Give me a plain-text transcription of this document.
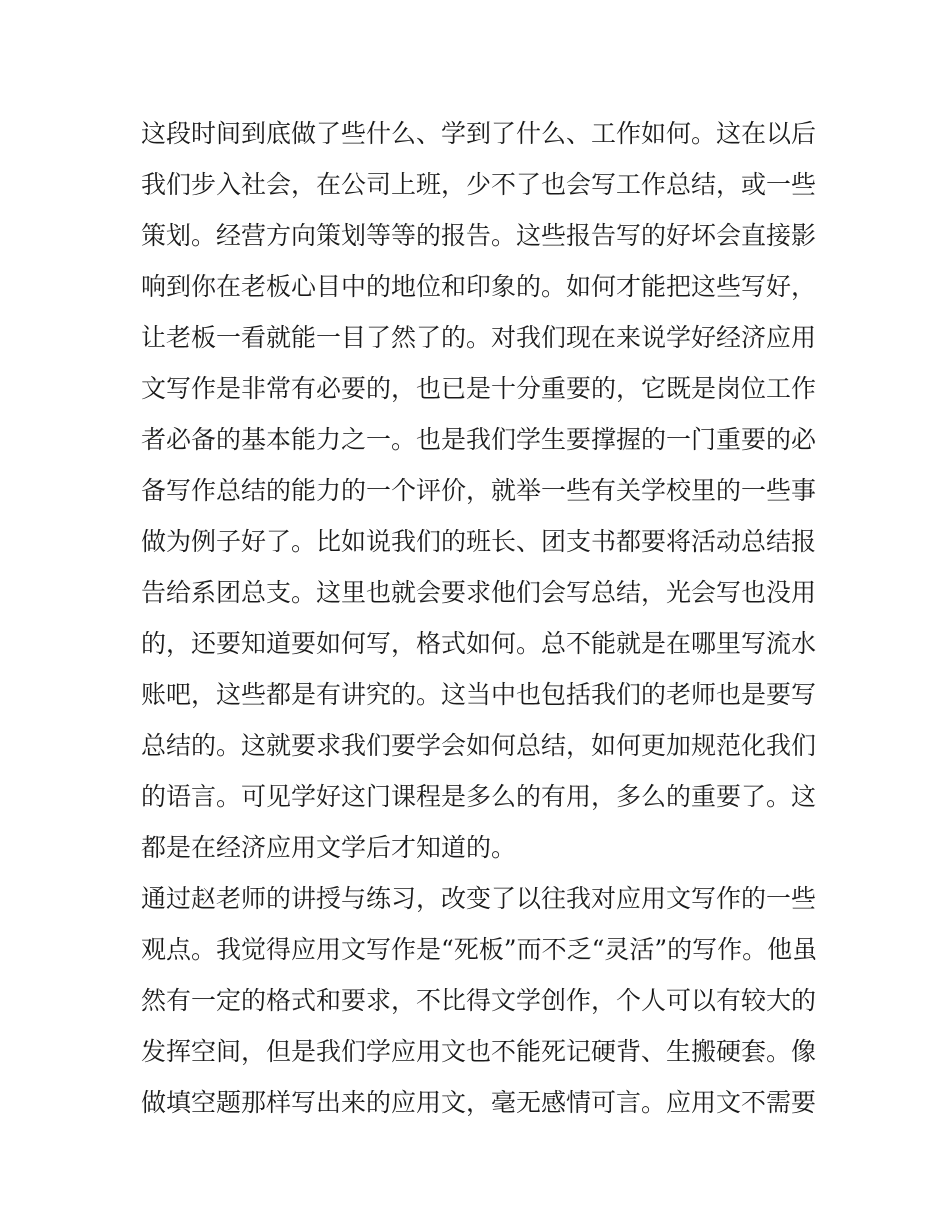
这段时间到底做了些什么、学到了什么、工作如何。这在以后
我们步入社会，在公司上班，少不了也会写工作总结，或一些
策划。经营方向策划等等的报告。这些报告写的好坏会直接影
响到你在老板心目中的地位和印象的。如何才能把这些写好，
让老板一看就能一目了然了的。对我们现在来说学好经济应用
文写作是非常有必要的，也已是十分重要的，它既是岗位工作
者必备的基本能力之一。也是我们学生要撑握的一门重要的必
备写作总结的能力的一个评价，就举一些有关学校里的一些事
做为例子好了。比如说我们的班长、团支书都要将活动总结报
告给系团总支。这里也就会要求他们会写总结，光会写也没用
的，还要知道要如何写，格式如何。总不能就是在哪里写流水
账吧，这些都是有讲究的。这当中也包括我们的老师也是要写
总结的。这就要求我们要学会如何总结，如何更加规范化我们
的语言。可见学好这门课程是多么的有用，多么的重要了。这
都是在经济应用文学后才知道的。
通过赵老师的讲授与练习，改变了以往我对应用文写作的一些
观点。我觉得应用文写作是“死板”而不乏“灵活”的写作。他虽
然有一定的格式和要求，不比得文学创作，个人可以有较大的
发挥空间，但是我们学应用文也不能死记硬背、生搬硬套。像
做填空题那样写出来的应用文，毫无感情可言。应用文不需要
